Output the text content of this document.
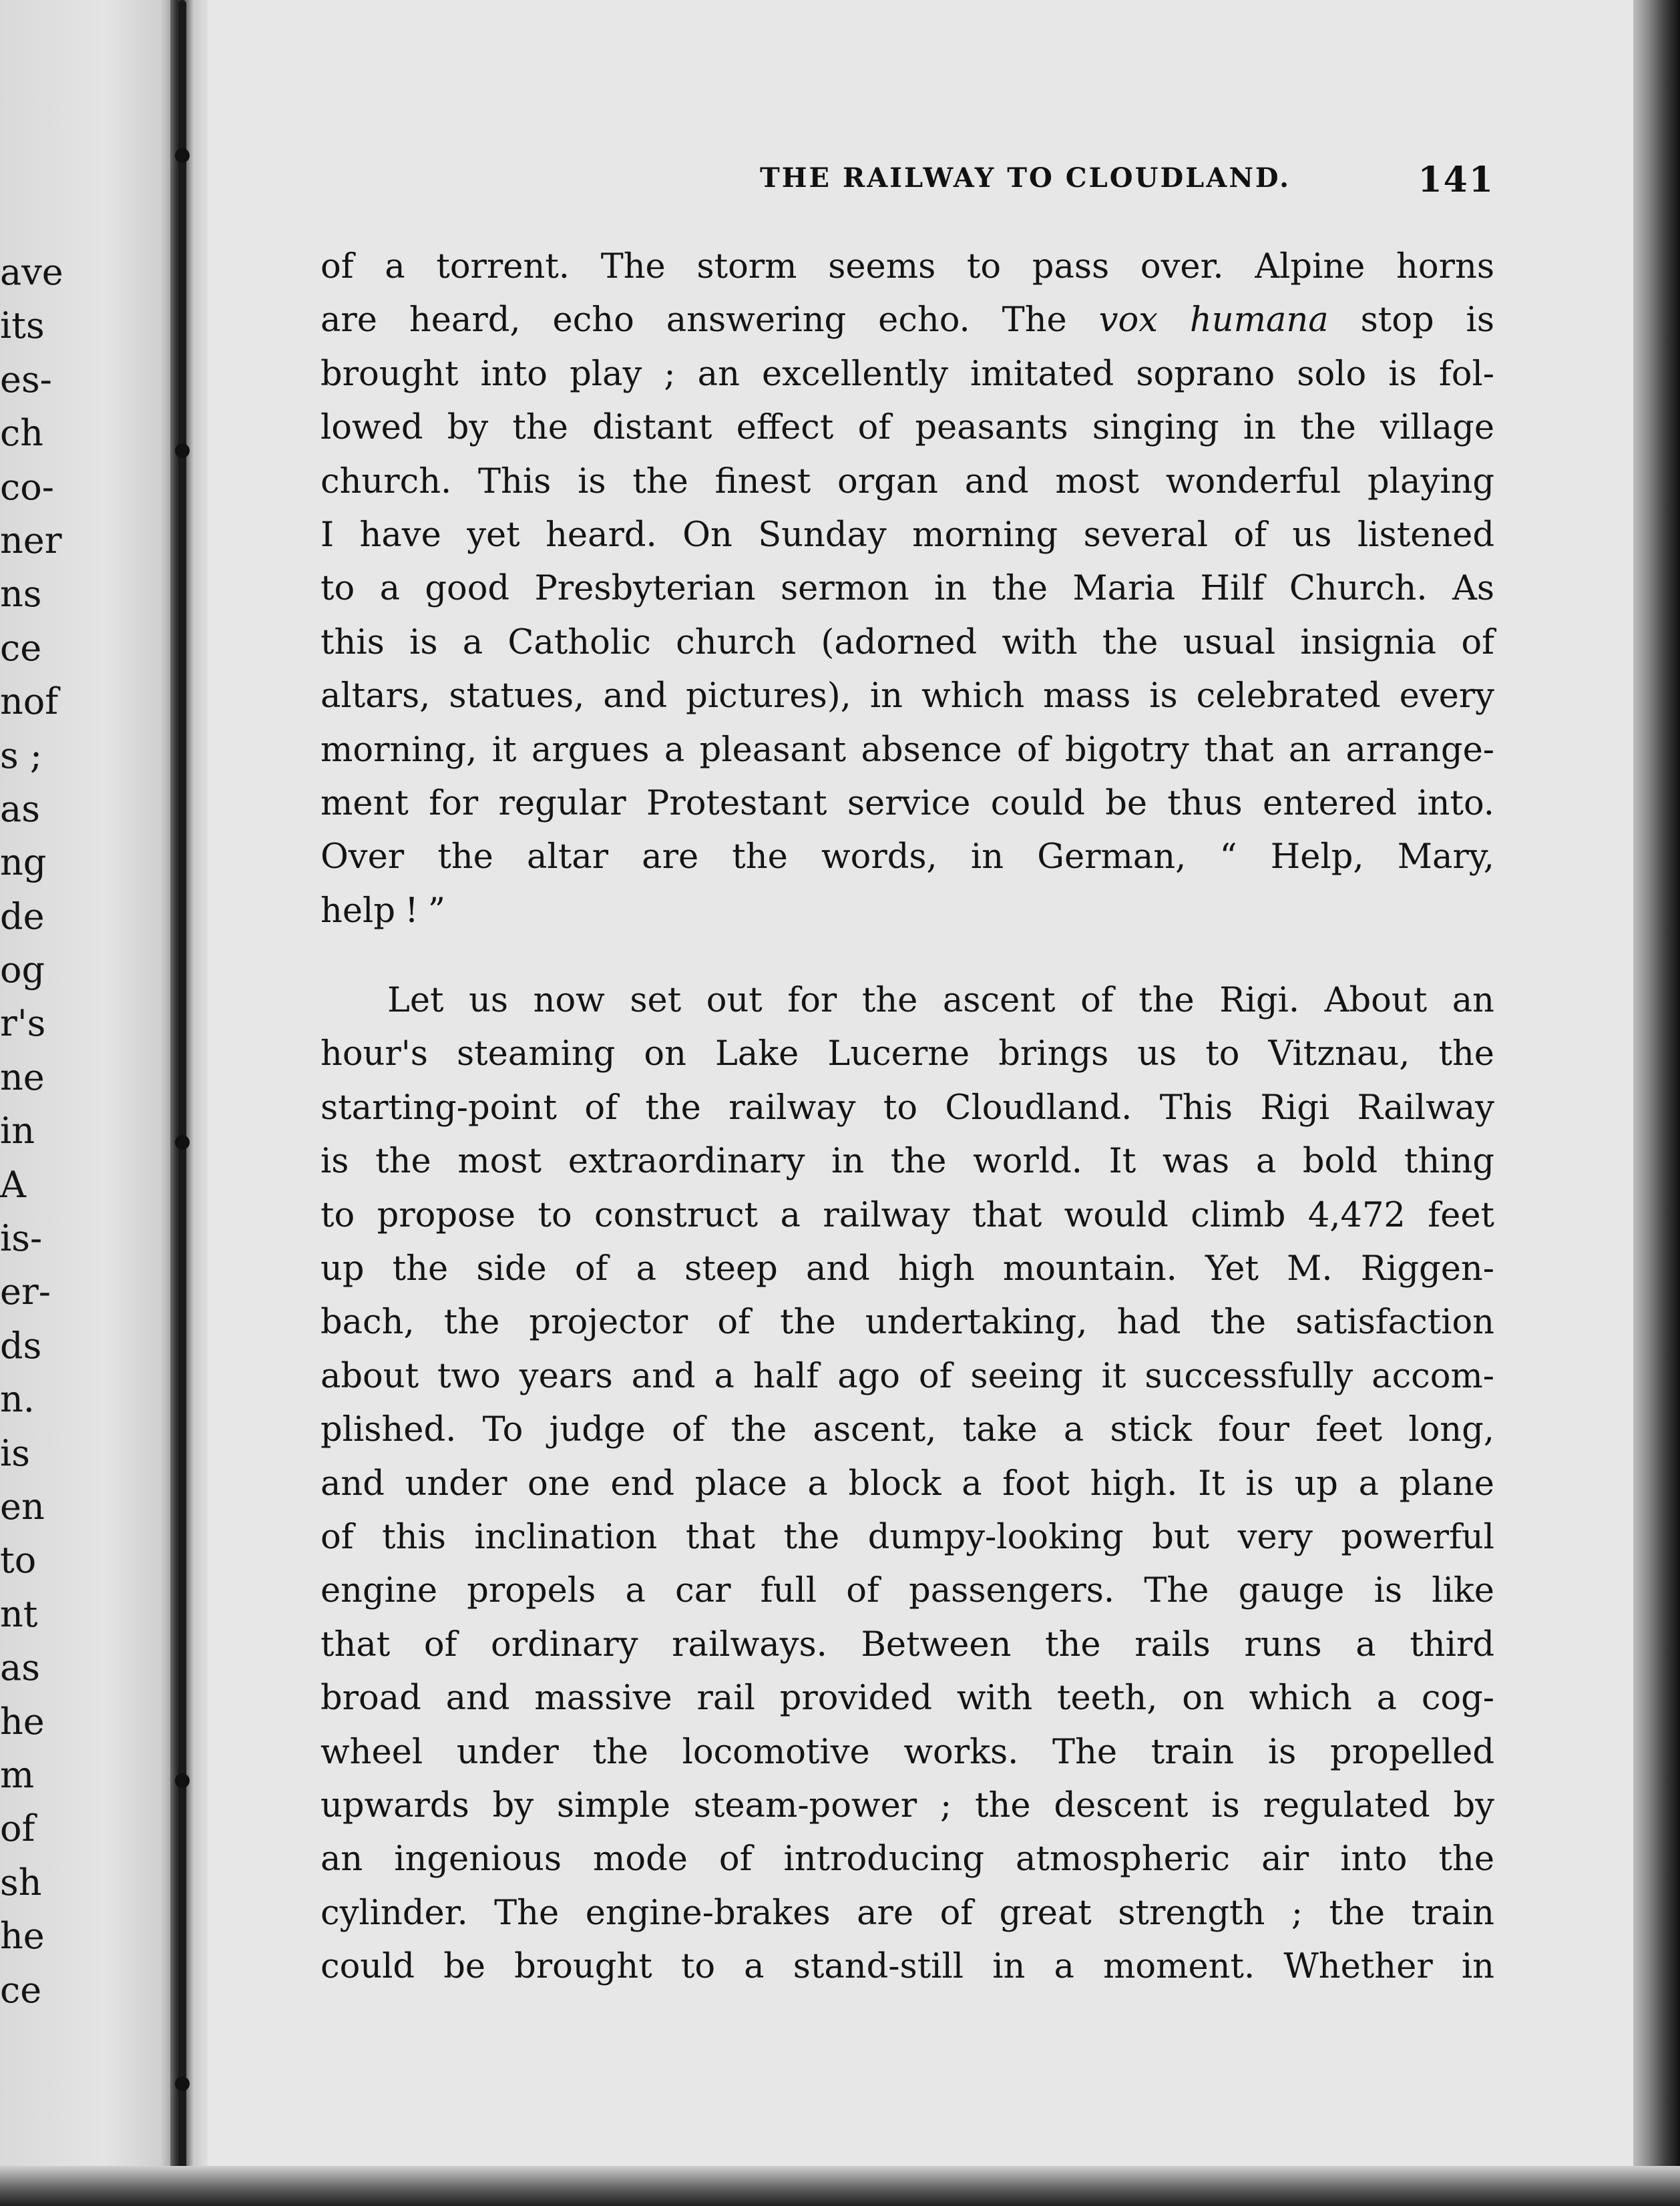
ave
its
es-
ch
co-
ner
ns
ce
nof
s ;
as
ng
de
og
r's
ne
in
A
is-
er-
ds
n.
is
en
to
nt
as
he
m
of
sh
he
ce
THE RAILWAY TO CLOUDLAND.	141
of a torrent. The storm seems to pass over. Alpine horns
are heard, echo answering echo. The vox humana stop is
brought into play ; an excellently imitated soprano solo is fol-
lowed by the distant effect of peasants singing in the village
church. This is the finest organ and most wonderful playing
I have yet heard. On Sunday morning several of us listened
to a good Presbyterian sermon in the Maria Hilf Church. As
this is a Catholic church (adorned with the usual insignia of
altars, statues, and pictures), in which mass is celebrated every
morning, it argues a pleasant absence of bigotry that an arrange-
ment for regular Protestant service could be thus entered into.
Over the altar are the words, in German, “ Help, Mary,
help ! ”
Let us now set out for the ascent of the Rigi. About an
hour's steaming on Lake Lucerne brings us to Vitznau, the
starting-point of the railway to Cloudland. This Rigi Railway
is the most extraordinary in the world. It was a bold thing
to propose to construct a railway that would climb 4,472 feet
up the side of a steep and high mountain. Yet M. Riggen-
bach, the projector of the undertaking, had the satisfaction
about two years and a half ago of seeing it successfully accom-
plished. To judge of the ascent, take a stick four feet long,
and under one end place a block a foot high. It is up a plane
of this inclination that the dumpy-looking but very powerful
engine propels a car full of passengers. The gauge is like
that of ordinary railways. Between the rails runs a third
broad and massive rail provided with teeth, on which a cog-
wheel under the locomotive works. The train is propelled
upwards by simple steam-power ; the descent is regulated by
an ingenious mode of introducing atmospheric air into the
cylinder. The engine-brakes are of great strength ; the train
could be brought to a stand-still in a moment. Whether in
